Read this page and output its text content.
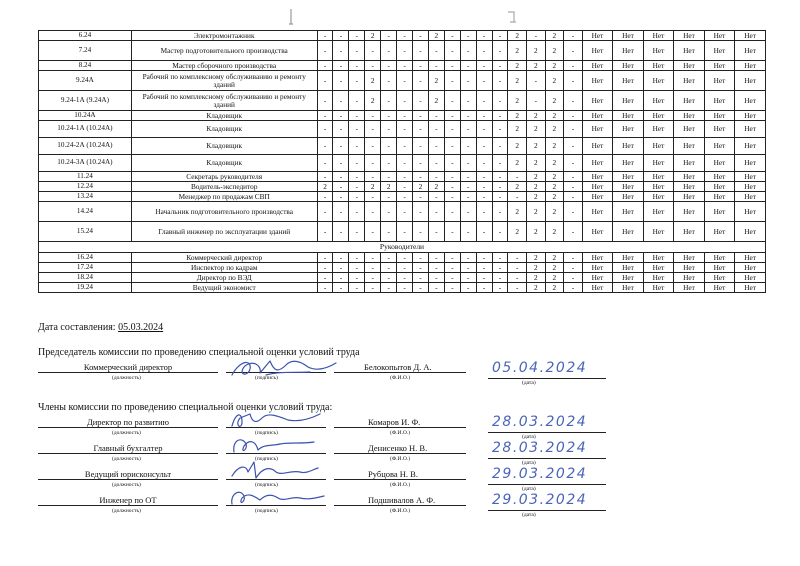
6.24	Электромонтажник	-	-	-	2	-	-	-	2	-	-	-	-	2	-	2	-	Нет	Нет	Нет	Нет	Нет	Нет
7.24	Мастер подготовительного производства	-	-	-	-	-	-	-	-	-	-	-	-	2	2	2	-	Нет	Нет	Нет	Нет	Нет	Нет
8.24	Мастер сборочного производства	-	-	-	-	-	-	-	-	-	-	-	-	2	2	2	-	Нет	Нет	Нет	Нет	Нет	Нет
9.24А	Рабочий по комплексному обслуживанию и ремонту зданий	-	-	-	2	-	-	-	2	-	-	-	-	2	-	2	-	Нет	Нет	Нет	Нет	Нет	Нет
9.24-1А (9.24А)	Рабочий по комплексному обслуживанию и ремонту зданий	-	-	-	2	-	-	-	2	-	-	-	-	2	-	2	-	Нет	Нет	Нет	Нет	Нет	Нет
10.24А	Кладовщик	-	-	-	-	-	-	-	-	-	-	-	-	2	2	2	-	Нет	Нет	Нет	Нет	Нет	Нет
10.24-1А (10.24А)	Кладовщик	-	-	-	-	-	-	-	-	-	-	-	-	2	2	2	-	Нет	Нет	Нет	Нет	Нет	Нет
10.24-2А (10.24А)	Кладовщик	-	-	-	-	-	-	-	-	-	-	-	-	2	2	2	-	Нет	Нет	Нет	Нет	Нет	Нет
10.24-3А (10.24А)	Кладовщик	-	-	-	-	-	-	-	-	-	-	-	-	2	2	2	-	Нет	Нет	Нет	Нет	Нет	Нет
11.24	Секретарь руководителя	-	-	-	-	-	-	-	-	-	-	-	-	-	2	2	-	Нет	Нет	Нет	Нет	Нет	Нет
12.24	Водитель-экспедитор	2	-	-	2	2	-	2	2	-	-	-	-	2	2	2	-	Нет	Нет	Нет	Нет	Нет	Нет
13.24	Менеджер по продажам СВП	-	-	-	-	-	-	-	-	-	-	-	-	-	2	2	-	Нет	Нет	Нет	Нет	Нет	Нет
14.24	Начальник подготовительного производства	-	-	-	-	-	-	-	-	-	-	-	-	2	2	2	-	Нет	Нет	Нет	Нет	Нет	Нет
15.24	Главный инженер по эксплуатации зданий	-	-	-	-	-	-	-	-	-	-	-	-	2	2	2	-	Нет	Нет	Нет	Нет	Нет	Нет
Руководители																							
16.24	Коммерческий директор	-	-	-	-	-	-	-	-	-	-	-	-	-	2	2	-	Нет	Нет	Нет	Нет	Нет	Нет
17.24	Инспектор по кадрам	-	-	-	-	-	-	-	-	-	-	-	-	-	2	2	-	Нет	Нет	Нет	Нет	Нет	Нет
18.24	Директор по ВЭД	-	-	-	-	-	-	-	-	-	-	-	-	-	2	2	-	Нет	Нет	Нет	Нет	Нет	Нет
19.24	Ведущий экономист	-	-	-	-	-	-	-	-	-	-	-	-	-	2	2	-	Нет	Нет	Нет	Нет	Нет	Нет
Дата составления: 05.03.2024
Председатель комиссии по проведению специальной оценки условий труда
Коммерческий директор
(должность)	(подпись)
Белокопытов Д. А.
(Ф.И.О.)
05.04.2024
(дата)
Члены комиссии по проведению специальной оценки условий труда:
Директор по развитию
(должность)	(подпись)
Комаров И. Ф.
(Ф.И.О.)
28.03.2024
(дата)
Главный бухгалтер
(должность)	(подпись)
Денисенко Н. В.
(Ф.И.О.)
28.03.2024
(дата)
Ведущий юрисконсульт
(должность)	(подпись)
Рубцова Н. В.
(Ф.И.О.)
29.03.2024
(дата)
Инженер по ОТ
(должность)	(подпись)
Подшивалов А. Ф.
(Ф.И.О.)
29.03.2024
(дата)
